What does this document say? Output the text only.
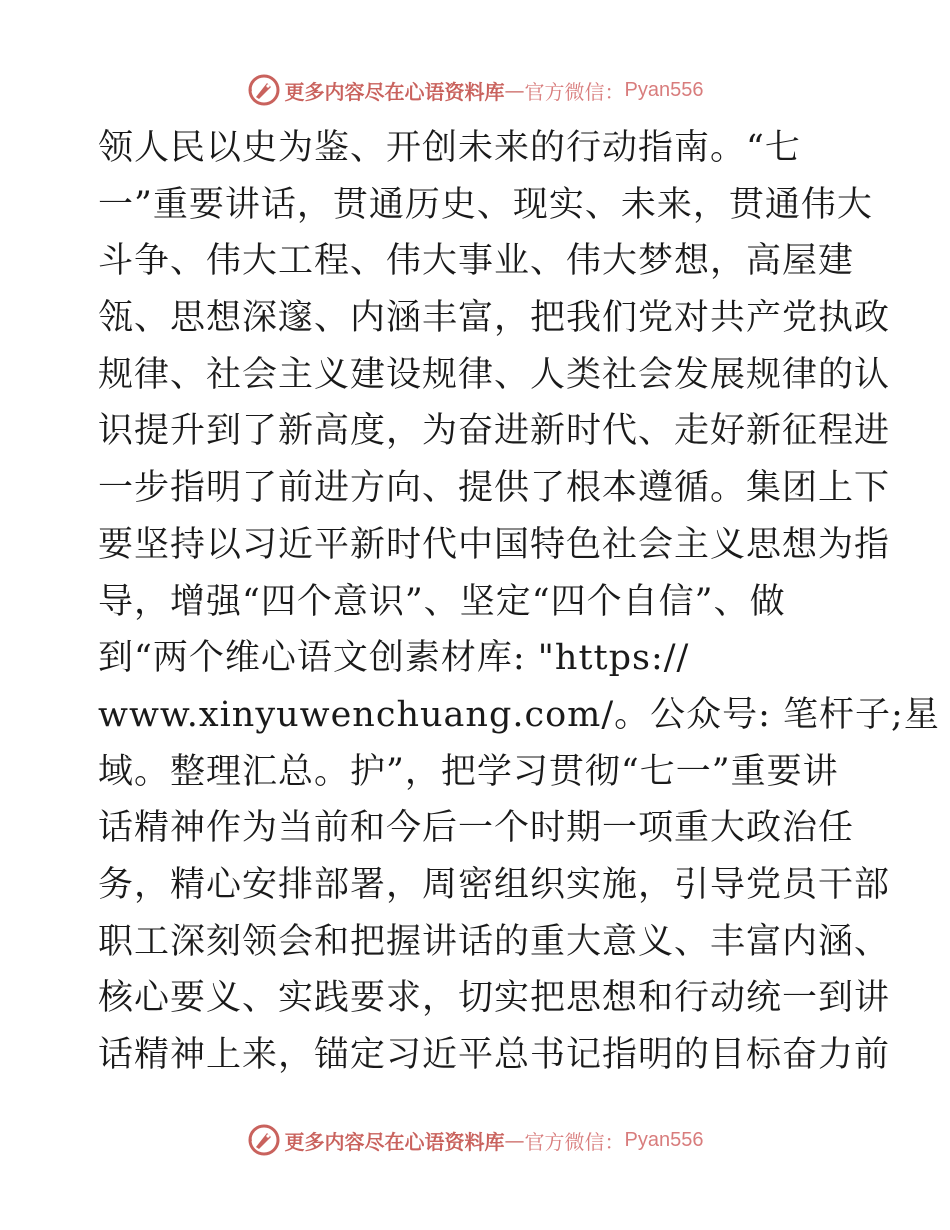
更多内容尽在心语资料库 — 官方微信： Pyan556
领人民以史为鉴、开创未来的行动指南。“七
一”重要讲话，贯通历史、现实、未来，贯通伟大
斗争、伟大工程、伟大事业、伟大梦想，高屋建
瓴、思想深邃、内涵丰富，把我们党对共产党执政
规律、社会主义建设规律、人类社会发展规律的认
识提升到了新高度，为奋进新时代、走好新征程进
一步指明了前进方向、提供了根本遵循。集团上下
要坚持以习近平新时代中国特色社会主义思想为指
导，增强“四个意识”、坚定“四个自信”、做
到“两个维心语文创素材库: "https://
www.xinyuwenchuang.com/。公众号: 笔杆子;星
域。整理汇总。护”，把学习贯彻“七一”重要讲
话精神作为当前和今后一个时期一项重大政治任
务，精心安排部署，周密组织实施，引导党员干部
职工深刻领会和把握讲话的重大意义、丰富内涵、
核心要义、实践要求，切实把思想和行动统一到讲
话精神上来，锚定习近平总书记指明的目标奋力前
更多内容尽在心语资料库 — 官方微信： Pyan556
